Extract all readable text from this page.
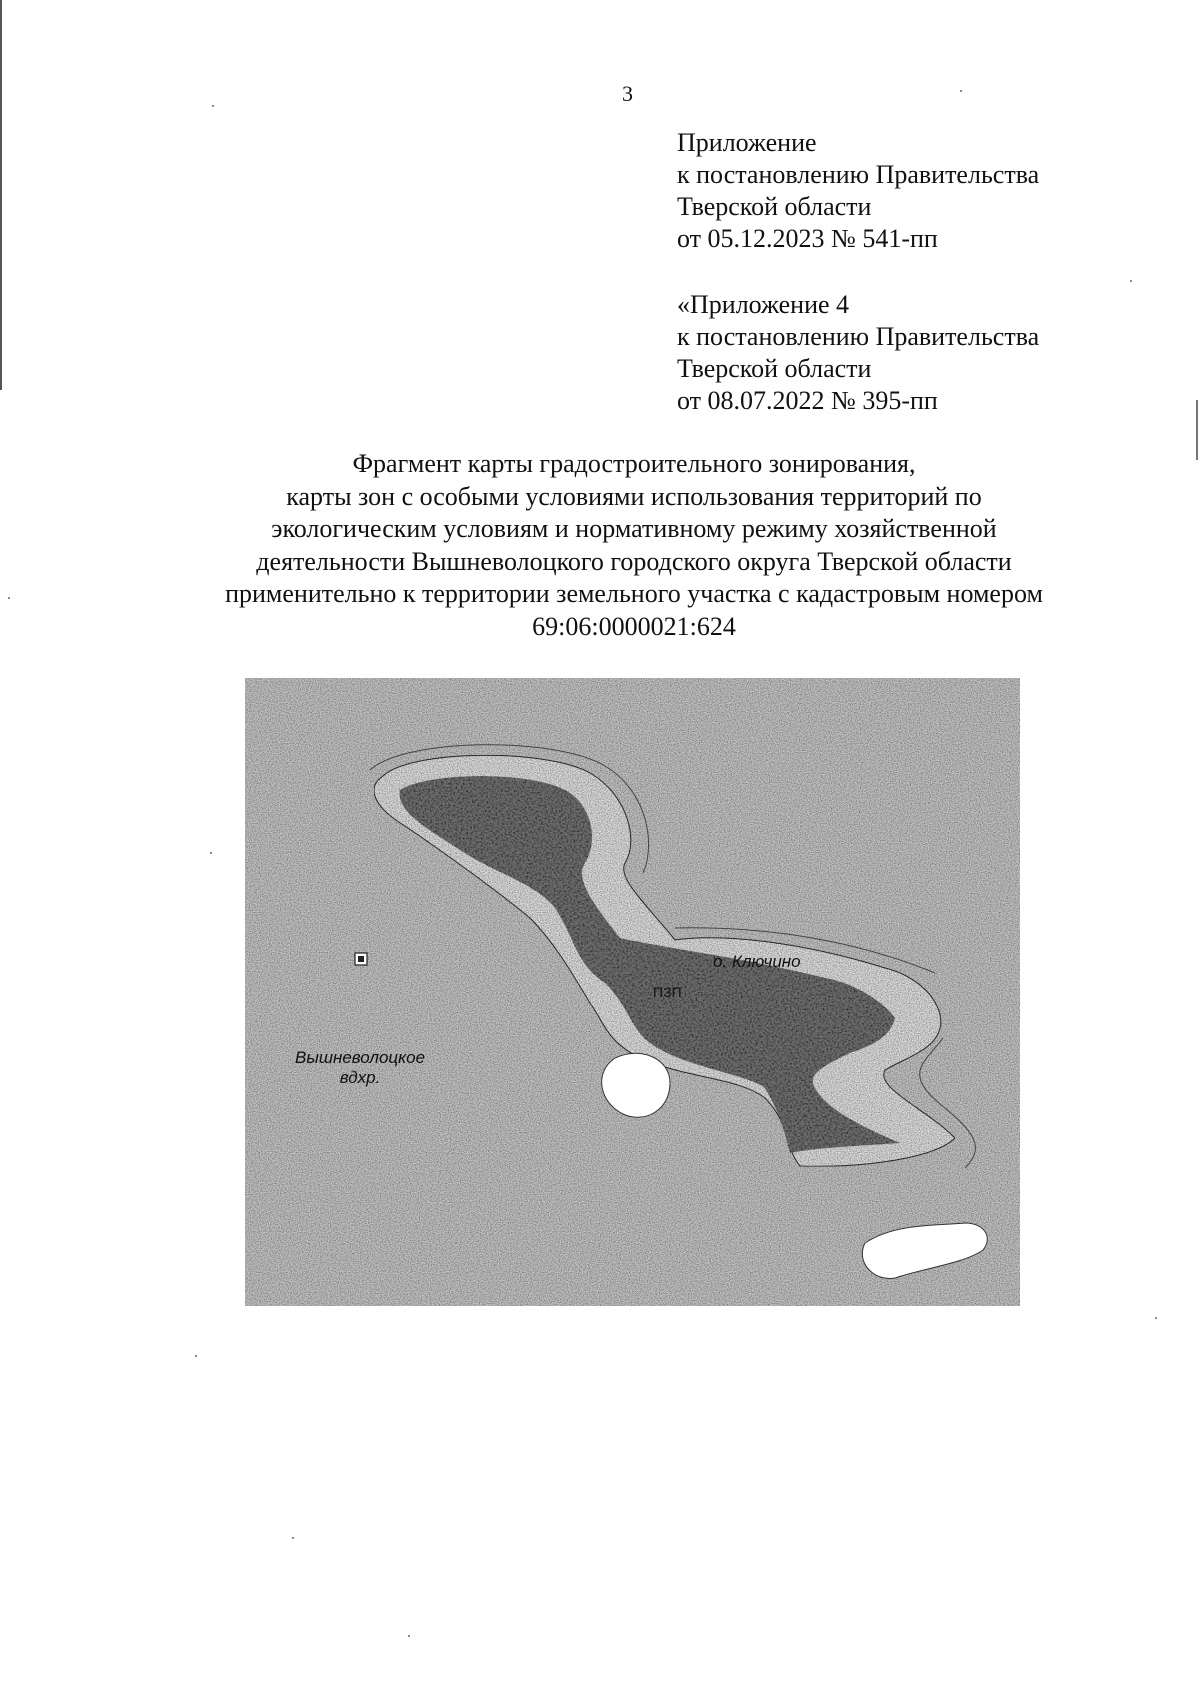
3
Приложение
к постановлению Правительства
Тверской области
от 05.12.2023 № 541-пп
«Приложение 4
к постановлению Правительства
Тверской области
от 08.07.2022 № 395-пп
Фрагмент карты градостроительного зонирования,
карты зон с особыми условиями использования территорий по
экологическим условиям и нормативному режиму хозяйственной
деятельности Вышневолоцкого городского округа Тверской области
применительно к территории земельного участка с кадастровым номером
69:06:0000021:624
о. Ключино
ПЗП
Вышневолоцкое
вдхр.
